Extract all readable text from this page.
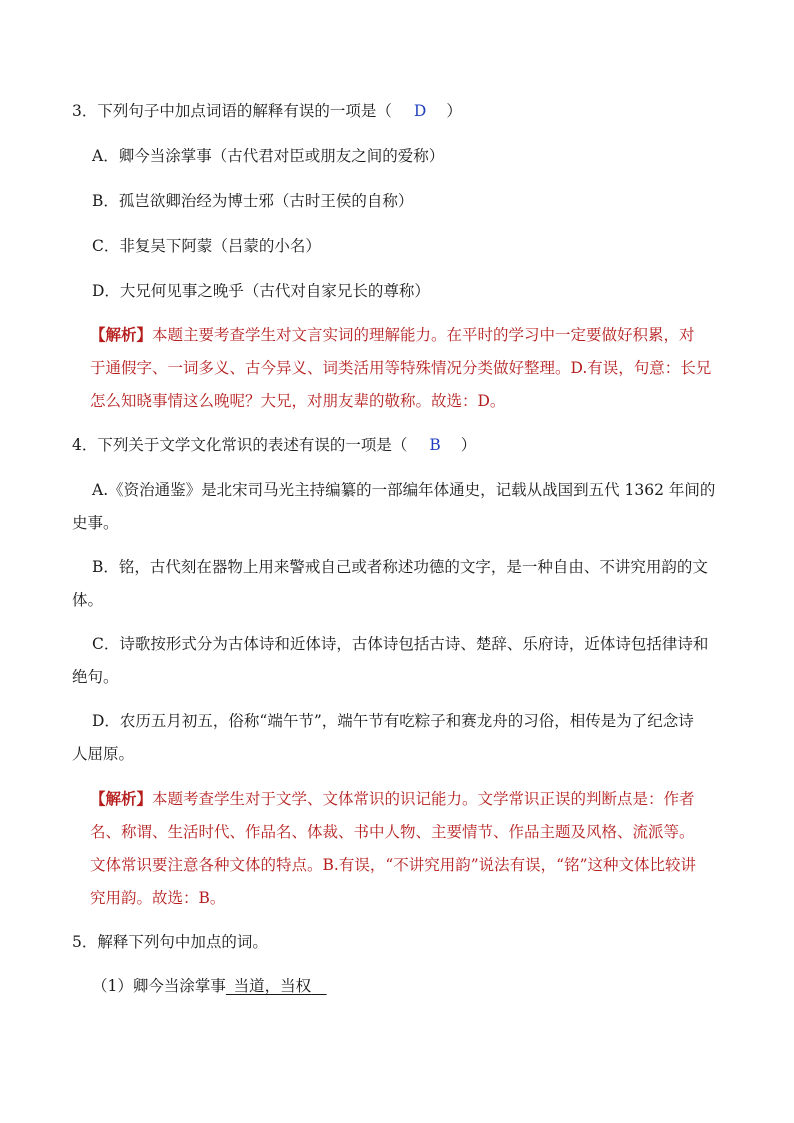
3．下列句子中加点词语的解释有误的一项是（ D ）
A．卿今当涂掌事（古代君对臣或朋友之间的爱称）
B．孤岂欲卿治经为博士邪（古时王侯的自称）
C．非复吴下阿蒙（吕蒙的小名）
D．大兄何见事之晚乎（古代对自家兄长的尊称）
【解析】本题主要考查学生对文言实词的理解能力。在平时的学习中一定要做好积累，对
于通假字、一词多义、古今异义、词类活用等特殊情况分类做好整理。D.有误，句意：长兄
怎么知晓事情这么晚呢？大兄，对朋友辈的敬称。故选：D。
4．下列关于文学文化常识的表述有误的一项是（ B ）
A.《资治通鉴》是北宋司马光主持编纂的一部编年体通史，记载从战国到五代 1362 年间的
史事。
B．铭，古代刻在器物上用来警戒自己或者称述功德的文字，是一种自由、不讲究用韵的文
体。
C．诗歌按形式分为古体诗和近体诗，古体诗包括古诗、楚辞、乐府诗，近体诗包括律诗和
绝句。
D．农历五月初五，俗称“端午节”，端午节有吃粽子和赛龙舟的习俗，相传是为了纪念诗
人屈原。
【解析】本题考查学生对于文学、文体常识的识记能力。文学常识正误的判断点是：作者
名、称谓、生活时代、作品名、体裁、书中人物、主要情节、作品主题及风格、流派等。
文体常识要注意各种文体的特点。B.有误，“不讲究用韵”说法有误，“铭”这种文体比较讲
究用韵。故选：B。
5．解释下列句中加点的词。
（1）卿今当涂掌事  当道，当权  
